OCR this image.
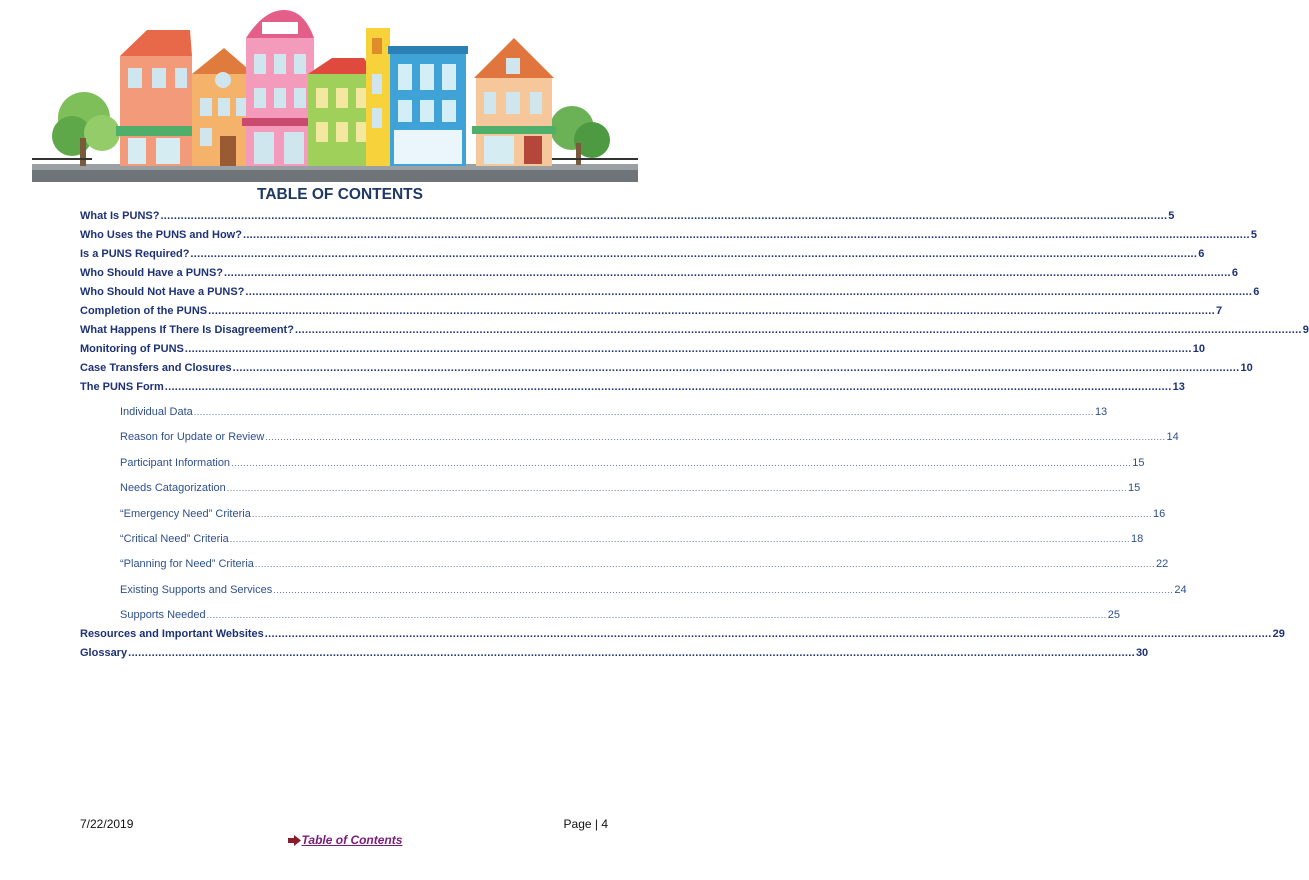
TABLE OF CONTENTS
What Is PUNS? ............................................................................................................................................................................................................................................................................................................ 5
Who Uses the PUNS and How? ............................................................................................................................................................................................................................................................................................................ 5
Is a PUNS Required? ............................................................................................................................................................................................................................................................................................................ 6
Who Should Have a PUNS? ............................................................................................................................................................................................................................................................................................................ 6
Who Should Not Have a PUNS? ............................................................................................................................................................................................................................................................................................................ 6
Completion of the PUNS ............................................................................................................................................................................................................................................................................................................ 7
What Happens If There Is Disagreement? ............................................................................................................................................................................................................................................................................................................ 9
Monitoring of PUNS ............................................................................................................................................................................................................................................................................................................ 10
Case Transfers and Closures ............................................................................................................................................................................................................................................................................................................ 10
The PUNS Form ............................................................................................................................................................................................................................................................................................................ 13
Individual Data ............................................................................................................................................................................................................................................................................................................ 13
Reason for Update or Review ............................................................................................................................................................................................................................................................................................................ 14
Participant Information ............................................................................................................................................................................................................................................................................................................ 15
Needs Catagorization ............................................................................................................................................................................................................................................................................................................ 15
“Emergency Need” Criteria ............................................................................................................................................................................................................................................................................................................ 16
“Critical Need” Criteria ............................................................................................................................................................................................................................................................................................................ 18
“Planning for Need” Criteria ............................................................................................................................................................................................................................................................................................................ 22
Existing Supports and Services ............................................................................................................................................................................................................................................................................................................ 24
Supports Needed ............................................................................................................................................................................................................................................................................................................ 25
Resources and Important Websites ............................................................................................................................................................................................................................................................................................................ 29
Glossary ............................................................................................................................................................................................................................................................................................................ 30
7/22/2019	Page | 4
Table of Contents
